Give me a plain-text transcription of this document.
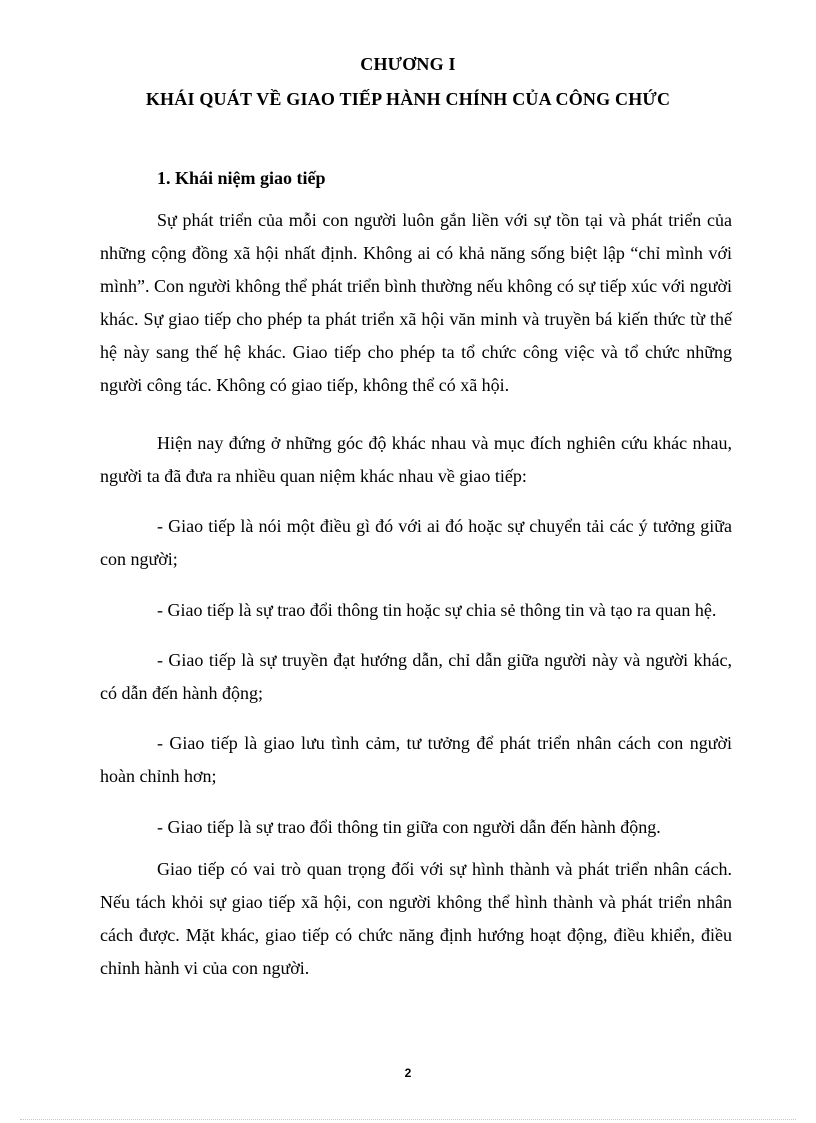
CHƯƠNG I
KHÁI QUÁT VỀ GIAO TIẾP HÀNH CHÍNH CỦA CÔNG CHỨC
1. Khái niệm giao tiếp

Sự phát triển của mỗi con người luôn gắn liền với sự tồn tại và phát triển của những cộng đồng xã hội nhất định. Không ai có khả năng sống biệt lập “chỉ mình với mình”. Con người không thể phát triển bình thường nếu không có sự tiếp xúc với người khác. Sự giao tiếp cho phép ta phát triển xã hội văn minh và truyền bá kiến thức từ thế hệ này sang thế hệ khác. Giao tiếp cho phép ta tổ chức công việc và tổ chức những người công tác. Không có giao tiếp, không thể có xã hội.

Hiện nay đứng ở những góc độ khác nhau và mục đích nghiên cứu khác nhau, người ta đã đưa ra nhiều quan niệm khác nhau về giao tiếp:

- Giao tiếp là nói một điều gì đó với ai đó hoặc sự chuyển tải các ý tưởng giữa con người;

- Giao tiếp là sự trao đổi thông tin hoặc sự chia sẻ thông tin và tạo ra quan hệ.

- Giao tiếp là sự truyền đạt hướng dẫn, chỉ dẫn giữa người này và người khác, có dẫn đến hành động;

- Giao tiếp là giao lưu tình cảm, tư tưởng để phát triển nhân cách con người hoàn chỉnh hơn;

- Giao tiếp là sự trao đổi thông tin giữa con người dẫn đến hành động.

Giao tiếp có vai trò quan trọng đối với sự hình thành và phát triển nhân cách. Nếu tách khỏi sự giao tiếp xã hội, con người không thể hình thành và phát triển nhân cách được. Mặt khác, giao tiếp có chức năng định hướng hoạt động, điều khiển, điều chỉnh hành vi của con người.

2
